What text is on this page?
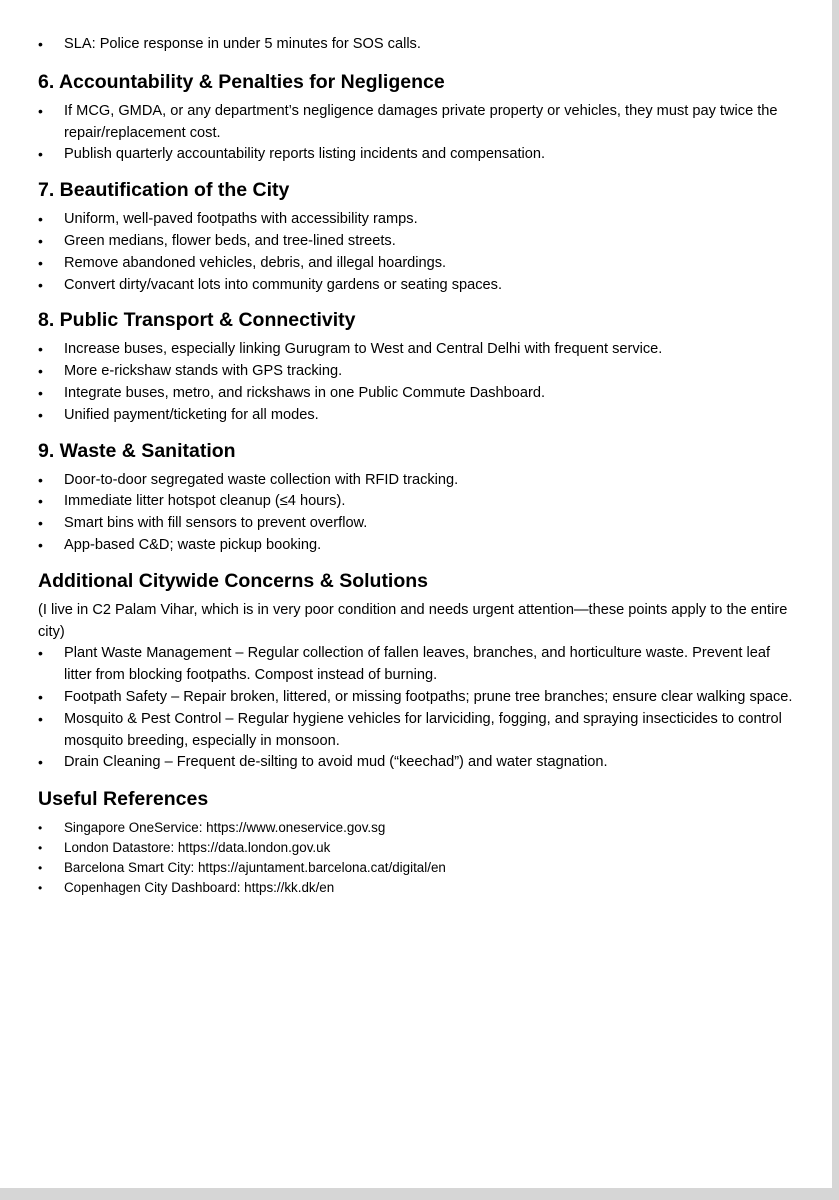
• SLA: Police response in under 5 minutes for SOS calls.
6. Accountability & Penalties for Negligence
• If MCG, GMDA, or any department’s negligence damages private property or vehicles, they must pay twice the repair/replacement cost.
• Publish quarterly accountability reports listing incidents and compensation.
7. Beautification of the City
• Uniform, well-paved footpaths with accessibility ramps.
• Green medians, flower beds, and tree-lined streets.
• Remove abandoned vehicles, debris, and illegal hoardings.
• Convert dirty/vacant lots into community gardens or seating spaces.
8. Public Transport & Connectivity
• Increase buses, especially linking Gurugram to West and Central Delhi with frequent service.
• More e-rickshaw stands with GPS tracking.
• Integrate buses, metro, and rickshaws in one Public Commute Dashboard.
• Unified payment/ticketing for all modes.
9. Waste & Sanitation
• Door-to-door segregated waste collection with RFID tracking.
• Immediate litter hotspot cleanup (≤4 hours).
• Smart bins with fill sensors to prevent overflow.
• App-based C&D; waste pickup booking.
Additional Citywide Concerns & Solutions

(I live in C2 Palam Vihar, which is in very poor condition and needs urgent attention—these points apply to the entire city)

• Plant Waste Management – Regular collection of fallen leaves, branches, and horticulture waste. Prevent leaf litter from blocking footpaths. Compost instead of burning.
• Footpath Safety – Repair broken, littered, or missing footpaths; prune tree branches; ensure clear walking space.
• Mosquito & Pest Control – Regular hygiene vehicles for larviciding, fogging, and spraying insecticides to control mosquito breeding, especially in monsoon.
• Drain Cleaning – Frequent de-silting to avoid mud (“keechad”) and water stagnation.
Useful References
• Singapore OneService: https://www.oneservice.gov.sg
• London Datastore: https://data.london.gov.uk
• Barcelona Smart City: https://ajuntament.barcelona.cat/digital/en
• Copenhagen City Dashboard: https://kk.dk/en
